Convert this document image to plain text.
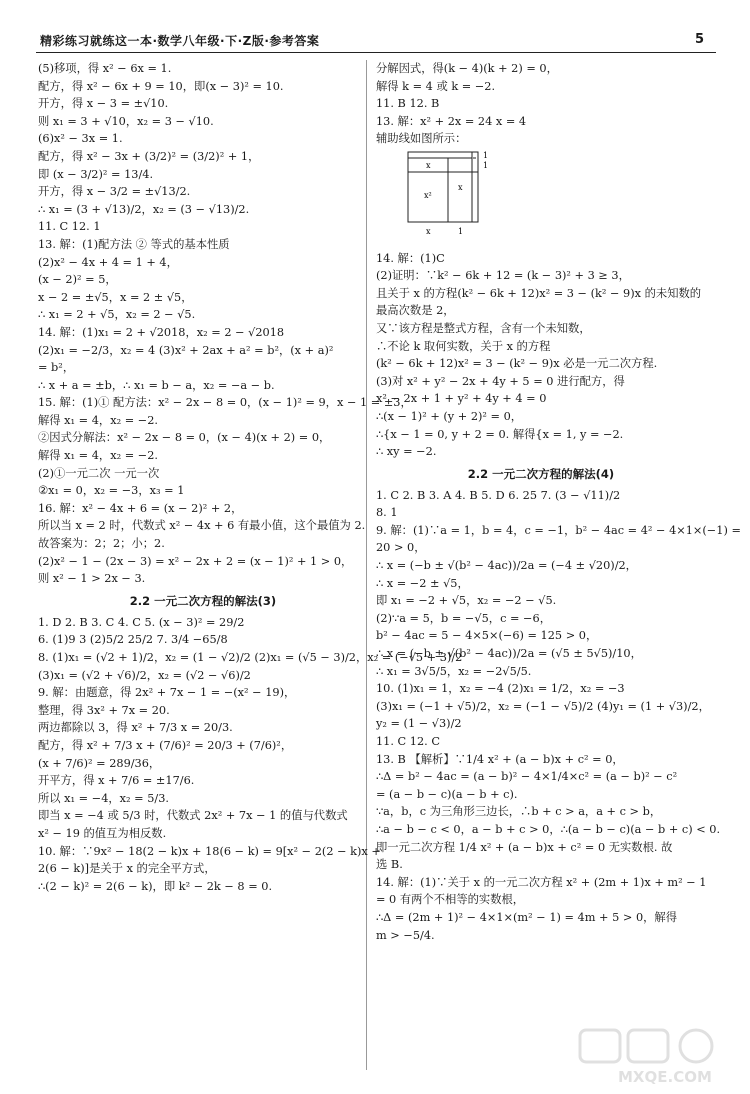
精彩练习就练这一本·数学八年级·下·Z版·参考答案	5
(5)移项，得 x² − 6x = 1.
配方，得 x² − 6x + 9 = 10，即(x − 3)² = 10.
开方，得 x − 3 = ±√10.
则 x₁ = 3 + √10，x₂ = 3 − √10.
(6)x² − 3x = 1.
配方，得 x² − 3x + (3/2)² = (3/2)² + 1，
即 (x − 3/2)² = 13/4.
开方，得 x − 3/2 = ±√13/2.
∴ x₁ = (3 + √13)/2，x₂ = (3 − √13)/2.
11. C 12. 1
13. 解：(1)配方法 ② 等式的基本性质
(2)x² − 4x + 4 = 1 + 4，
(x − 2)² = 5，
x − 2 = ±√5，x = 2 ± √5，
∴ x₁ = 2 + √5，x₂ = 2 − √5.
14. 解：(1)x₁ = 2 + √2018，x₂ = 2 − √2018
(2)x₁ = −2/3，x₂ = 4 (3)x² + 2ax + a² = b²，(x + a)²
= b²，
∴ x + a = ±b，∴ x₁ = b − a，x₂ = −a − b.
15. 解：(1)① 配方法：x² − 2x − 8 = 0，(x − 1)² = 9，x − 1 = ±3，
解得 x₁ = 4，x₂ = −2.
②因式分解法：x² − 2x − 8 = 0，(x − 4)(x + 2) = 0，
解得 x₁ = 4，x₂ = −2.
(2)①一元二次 一元一次
②x₁ = 0，x₂ = −3，x₃ = 1
16. 解：x² − 4x + 6 = (x − 2)² + 2，
所以当 x = 2 时，代数式 x² − 4x + 6 有最小值，这个最值为 2.
故答案为：2；2；小；2.
(2)x² − 1 − (2x − 3) = x² − 2x + 2 = (x − 1)² + 1 > 0，
则 x² − 1 > 2x − 3.
2.2 一元二次方程的解法(3)
1. D 2. B 3. C 4. C 5. (x − 3)² = 29/2
6. (1)9 3 (2)5/2 25/2 7. 3/4 −65/8
8. (1)x₁ = (√2 + 1)/2，x₂ = (1 − √2)/2 (2)x₁ = (√5 − 3)/2，x₂ = (−√5 + 3)/2
(3)x₁ = (√2 + √6)/2，x₂ = (√2 − √6)/2
9. 解：由题意，得 2x² + 7x − 1 = −(x² − 19)，
整理，得 3x² + 7x = 20.
两边都除以 3，得 x² + 7/3 x = 20/3.
配方，得 x² + 7/3 x + (7/6)² = 20/3 + (7/6)²，
(x + 7/6)² = 289/36，
开平方，得 x + 7/6 = ±17/6.
所以 x₁ = −4，x₂ = 5/3.
即当 x = −4 或 5/3 时，代数式 2x² + 7x − 1 的值与代数式
x² − 19 的值互为相反数.
10. 解：∵9x² − 18(2 − k)x + 18(6 − k) = 9[x² − 2(2 − k)x +
2(6 − k)]是关于 x 的完全平方式，
∴(2 − k)² = 2(6 − k)，即 k² − 2k − 8 = 0.
分解因式，得(k − 4)(k + 2) = 0，
解得 k = 4 或 k = −2.
11. B 12. B
13. 解：x² + 2x = 24 x = 4
辅助线如图所示：
1
1
x
x
x²
x	1
14. 解：(1)C
(2)证明：∵k² − 6k + 12 = (k − 3)² + 3 ≥ 3，
且关于 x 的方程(k² − 6k + 12)x² = 3 − (k² − 9)x 的未知数的
最高次数是 2，
又∵该方程是整式方程，含有一个未知数，
∴不论 k 取何实数，关于 x 的方程
(k² − 6k + 12)x² = 3 − (k² − 9)x 必是一元二次方程.
(3)对 x² + y² − 2x + 4y + 5 = 0 进行配方，得
x² − 2x + 1 + y² + 4y + 4 = 0
∴(x − 1)² + (y + 2)² = 0，
∴{x − 1 = 0, y + 2 = 0. 解得{x = 1, y = −2.
∴ xy = −2.
2.2 一元二次方程的解法(4)
1. C 2. B 3. A 4. B 5. D 6. 25 7. (3 − √11)/2
8. 1
9. 解：(1)∵a = 1，b = 4，c = −1，b² − 4ac = 4² − 4×1×(−1) =
20 > 0，
∴ x = (−b ± √(b² − 4ac))/2a = (−4 ± √20)/2，
∴ x = −2 ± √5，
即 x₁ = −2 + √5，x₂ = −2 − √5.
(2)∵a = 5，b = −√5，c = −6，
b² − 4ac = 5 − 4×5×(−6) = 125 > 0，
∴ x = (−b ± √(b² − 4ac))/2a = (√5 ± 5√5)/10，
∴ x₁ = 3√5/5，x₂ = −2√5/5.
10. (1)x₁ = 1，x₂ = −4 (2)x₁ = 1/2，x₂ = −3
(3)x₁ = (−1 + √5)/2，x₂ = (−1 − √5)/2 (4)y₁ = (1 + √3)/2，
y₂ = (1 − √3)/2
11. C 12. C
13. B 【解析】∵1/4 x² + (a − b)x + c² = 0，
∴Δ = b² − 4ac = (a − b)² − 4×1/4×c² = (a − b)² − c²
= (a − b − c)(a − b + c).
∵a，b，c 为三角形三边长，∴b + c > a，a + c > b，
∴a − b − c < 0，a − b + c > 0，∴(a − b − c)(a − b + c) < 0.
即一元二次方程 1/4 x² + (a − b)x + c² = 0 无实数根. 故
选 B.
14. 解：(1)∵关于 x 的一元二次方程 x² + (2m + 1)x + m² − 1
= 0 有两个不相等的实数根，
∴Δ = (2m + 1)² − 4×1×(m² − 1) = 4m + 5 > 0，解得
m > −5/4.
MXQE.COM
